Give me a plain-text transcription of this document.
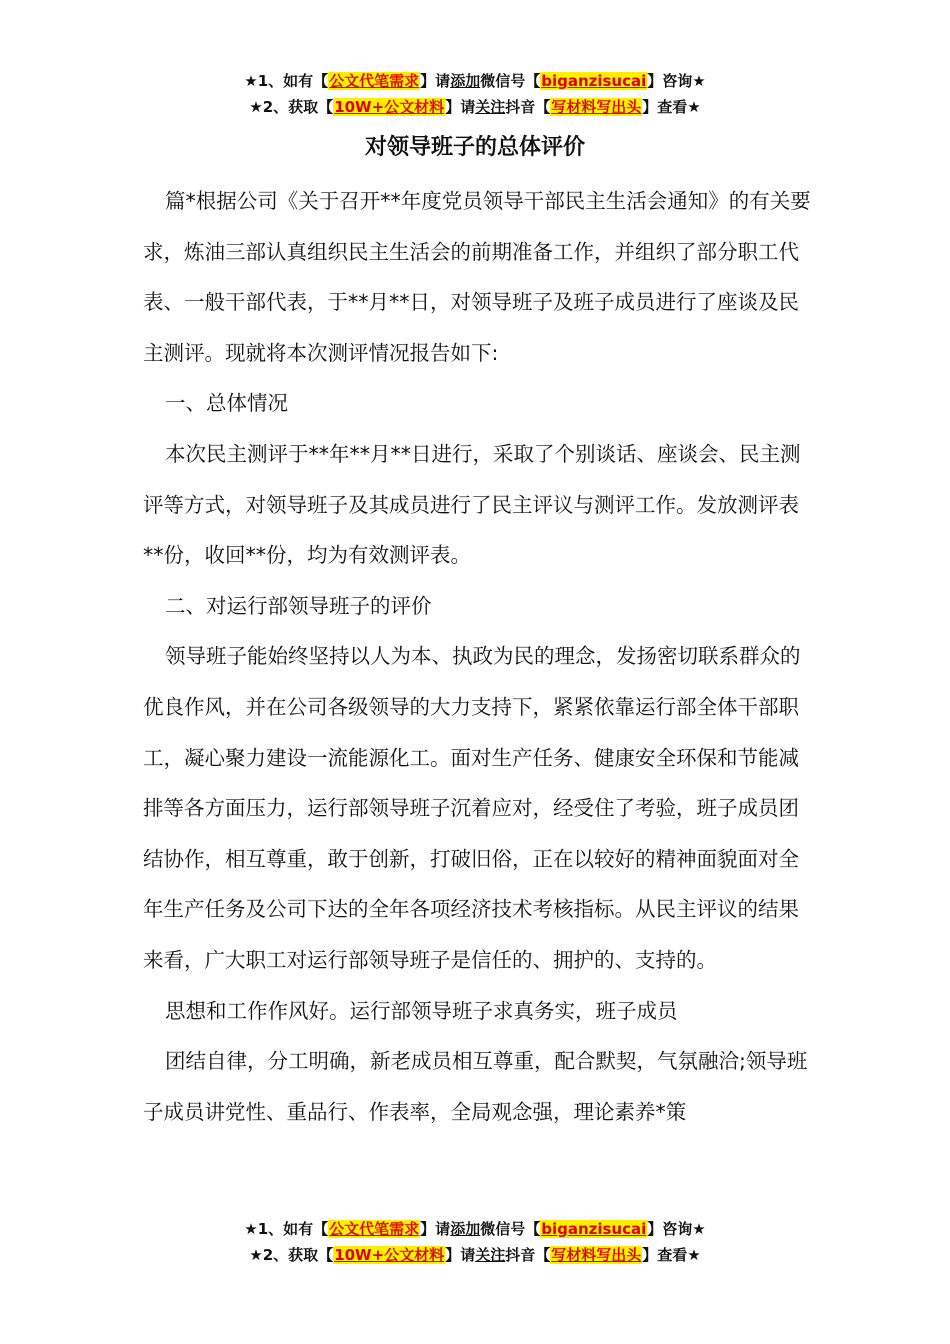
★1、如有【公文代笔需求】请添加微信号【biganzisucai】咨询★
★2、获取【10W+公文材料】请关注抖音【写材料写出头】查看★
对领导班子的总体评价

篇*根据公司《关于召开**年度党员领导干部民主生活会通知》的有关要求，炼油三部认真组织民主生活会的前期准备工作，并组织了部分职工代表、一般干部代表，于**月**日，对领导班子及班子成员进行了座谈及民主测评。现就将本次测评情况报告如下:

一、总体情况

本次民主测评于**年**月**日进行，采取了个别谈话、座谈会、民主测评等方式，对领导班子及其成员进行了民主评议与测评工作。发放测评表**份，收回**份，均为有效测评表。

二、对运行部领导班子的评价

领导班子能始终坚持以人为本、执政为民的理念，发扬密切联系群众的优良作风，并在公司各级领导的大力支持下，紧紧依靠运行部全体干部职工，凝心聚力建设一流能源化工。面对生产任务、健康安全环保和节能减排等各方面压力，运行部领导班子沉着应对，经受住了考验，班子成员团结协作，相互尊重，敢于创新，打破旧俗，正在以较好的精神面貌面对全年生产任务及公司下达的全年各项经济技术考核指标。从民主评议的结果来看，广大职工对运行部领导班子是信任的、拥护的、支持的。

思想和工作作风好。运行部领导班子求真务实，班子成员

团结自律，分工明确，新老成员相互尊重，配合默契，气氛融洽;领导班子成员讲党性、重品行、作表率，全局观念强，理论素养*策

★1、如有【公文代笔需求】请添加微信号【biganzisucai】咨询★
★2、获取【10W+公文材料】请关注抖音【写材料写出头】查看★
